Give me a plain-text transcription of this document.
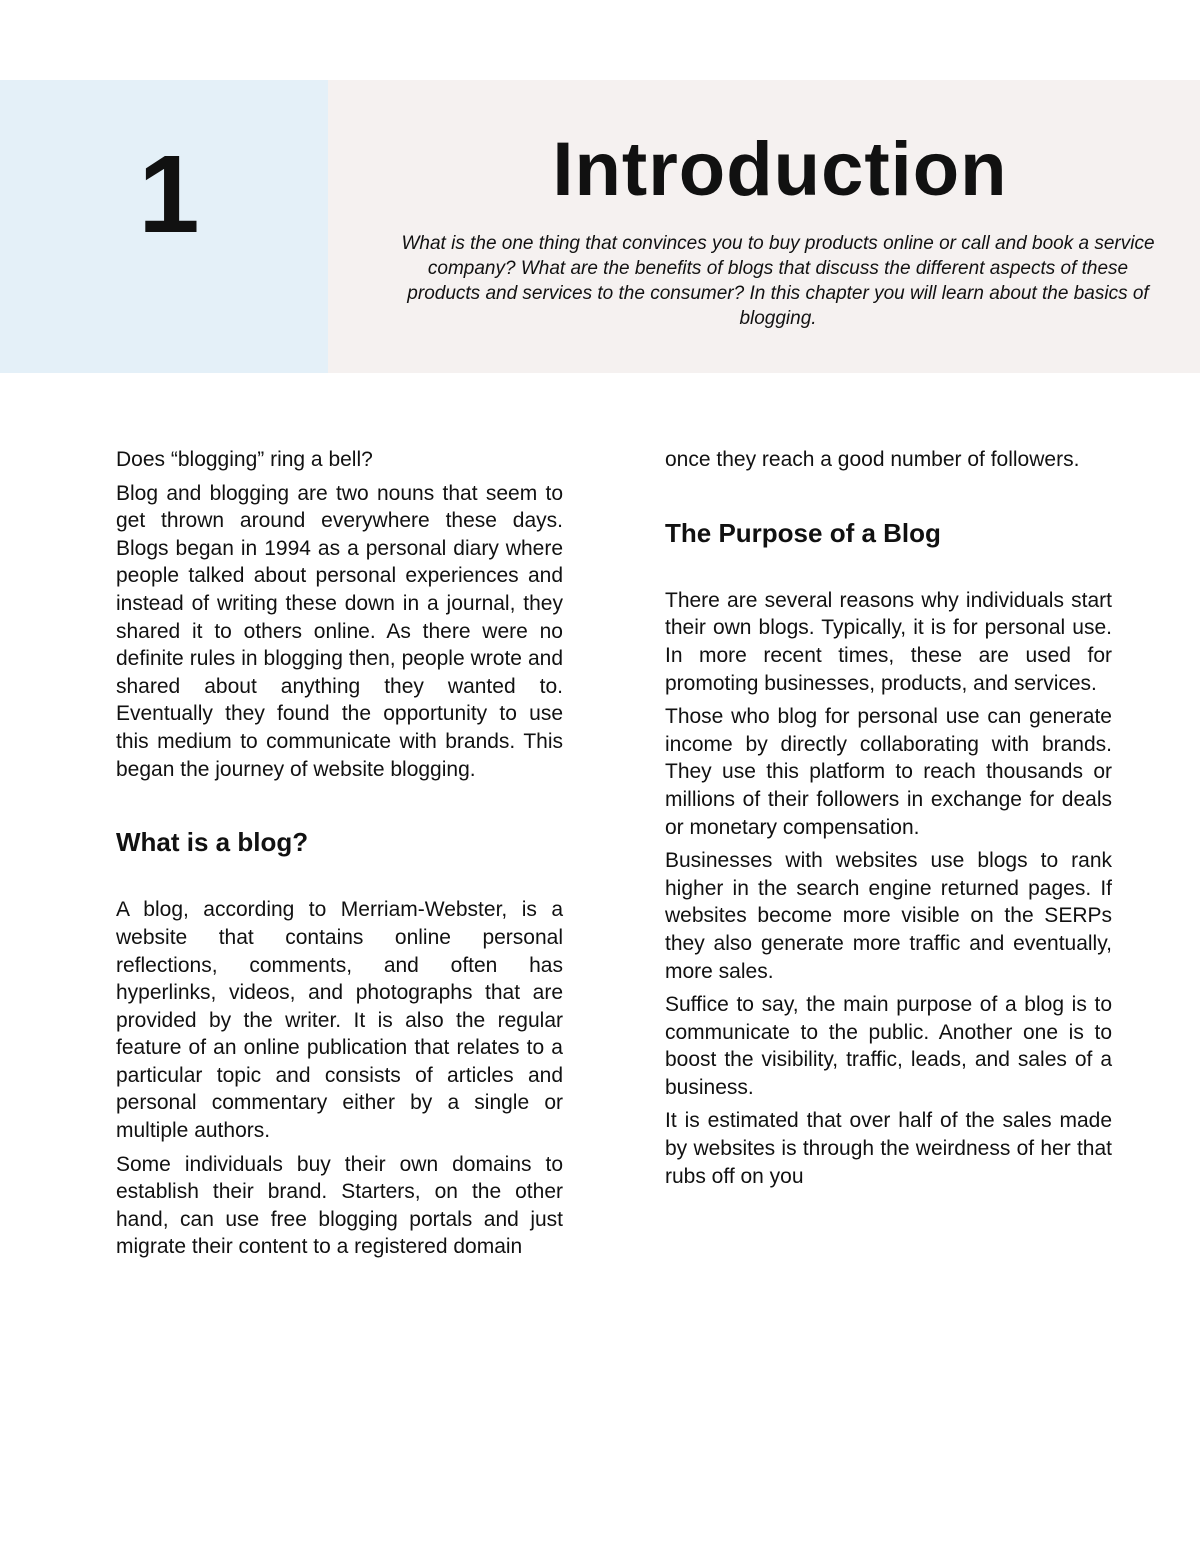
1	Introduction
What is the one thing that convinces you to buy products online or call and book a service company? What are the benefits of blogs that discuss the different aspects of these products and services to the consumer? In this chapter you will learn about the basics of blogging.

Does “blogging” ring a bell?

Blog and blogging are two nouns that seem to get thrown around everywhere these days. Blogs began in 1994 as a personal diary where people talked about personal experiences and instead of writing these down in a journal, they shared it to others online. As there were no definite rules in blogging then, people wrote and shared about anything they wanted to. Eventually they found the opportunity to use this medium to communicate with brands. This began the journey of website blogging.

What is a blog?

A blog, according to Merriam-Webster, is a website that contains online personal reflections, comments, and often has hyperlinks, videos, and photographs that are provided by the writer. It is also the regular feature of an online publication that relates to a particular topic and consists of articles and personal commentary either by a single or multiple authors.

Some individuals buy their own domains to establish their brand. Starters, on the other hand, can use free blogging portals and just migrate their content to a registered domain

once they reach a good number of followers.

The Purpose of a Blog

There are several reasons why individuals start their own blogs. Typically, it is for personal use. In more recent times, these are used for promoting businesses, products, and services.

Those who blog for personal use can generate income by directly collaborating with brands. They use this platform to reach thousands or millions of their followers in exchange for deals or monetary compensation.

Businesses with websites use blogs to rank higher in the search engine returned pages. If websites become more visible on the SERPs they also generate more traffic and eventually, more sales.

Suffice to say, the main purpose of a blog is to communicate to the public. Another one is to boost the visibility, traffic, leads, and sales of a business.

It is estimated that over half of the sales made by websites is through the weirdness of her that rubs off on you
